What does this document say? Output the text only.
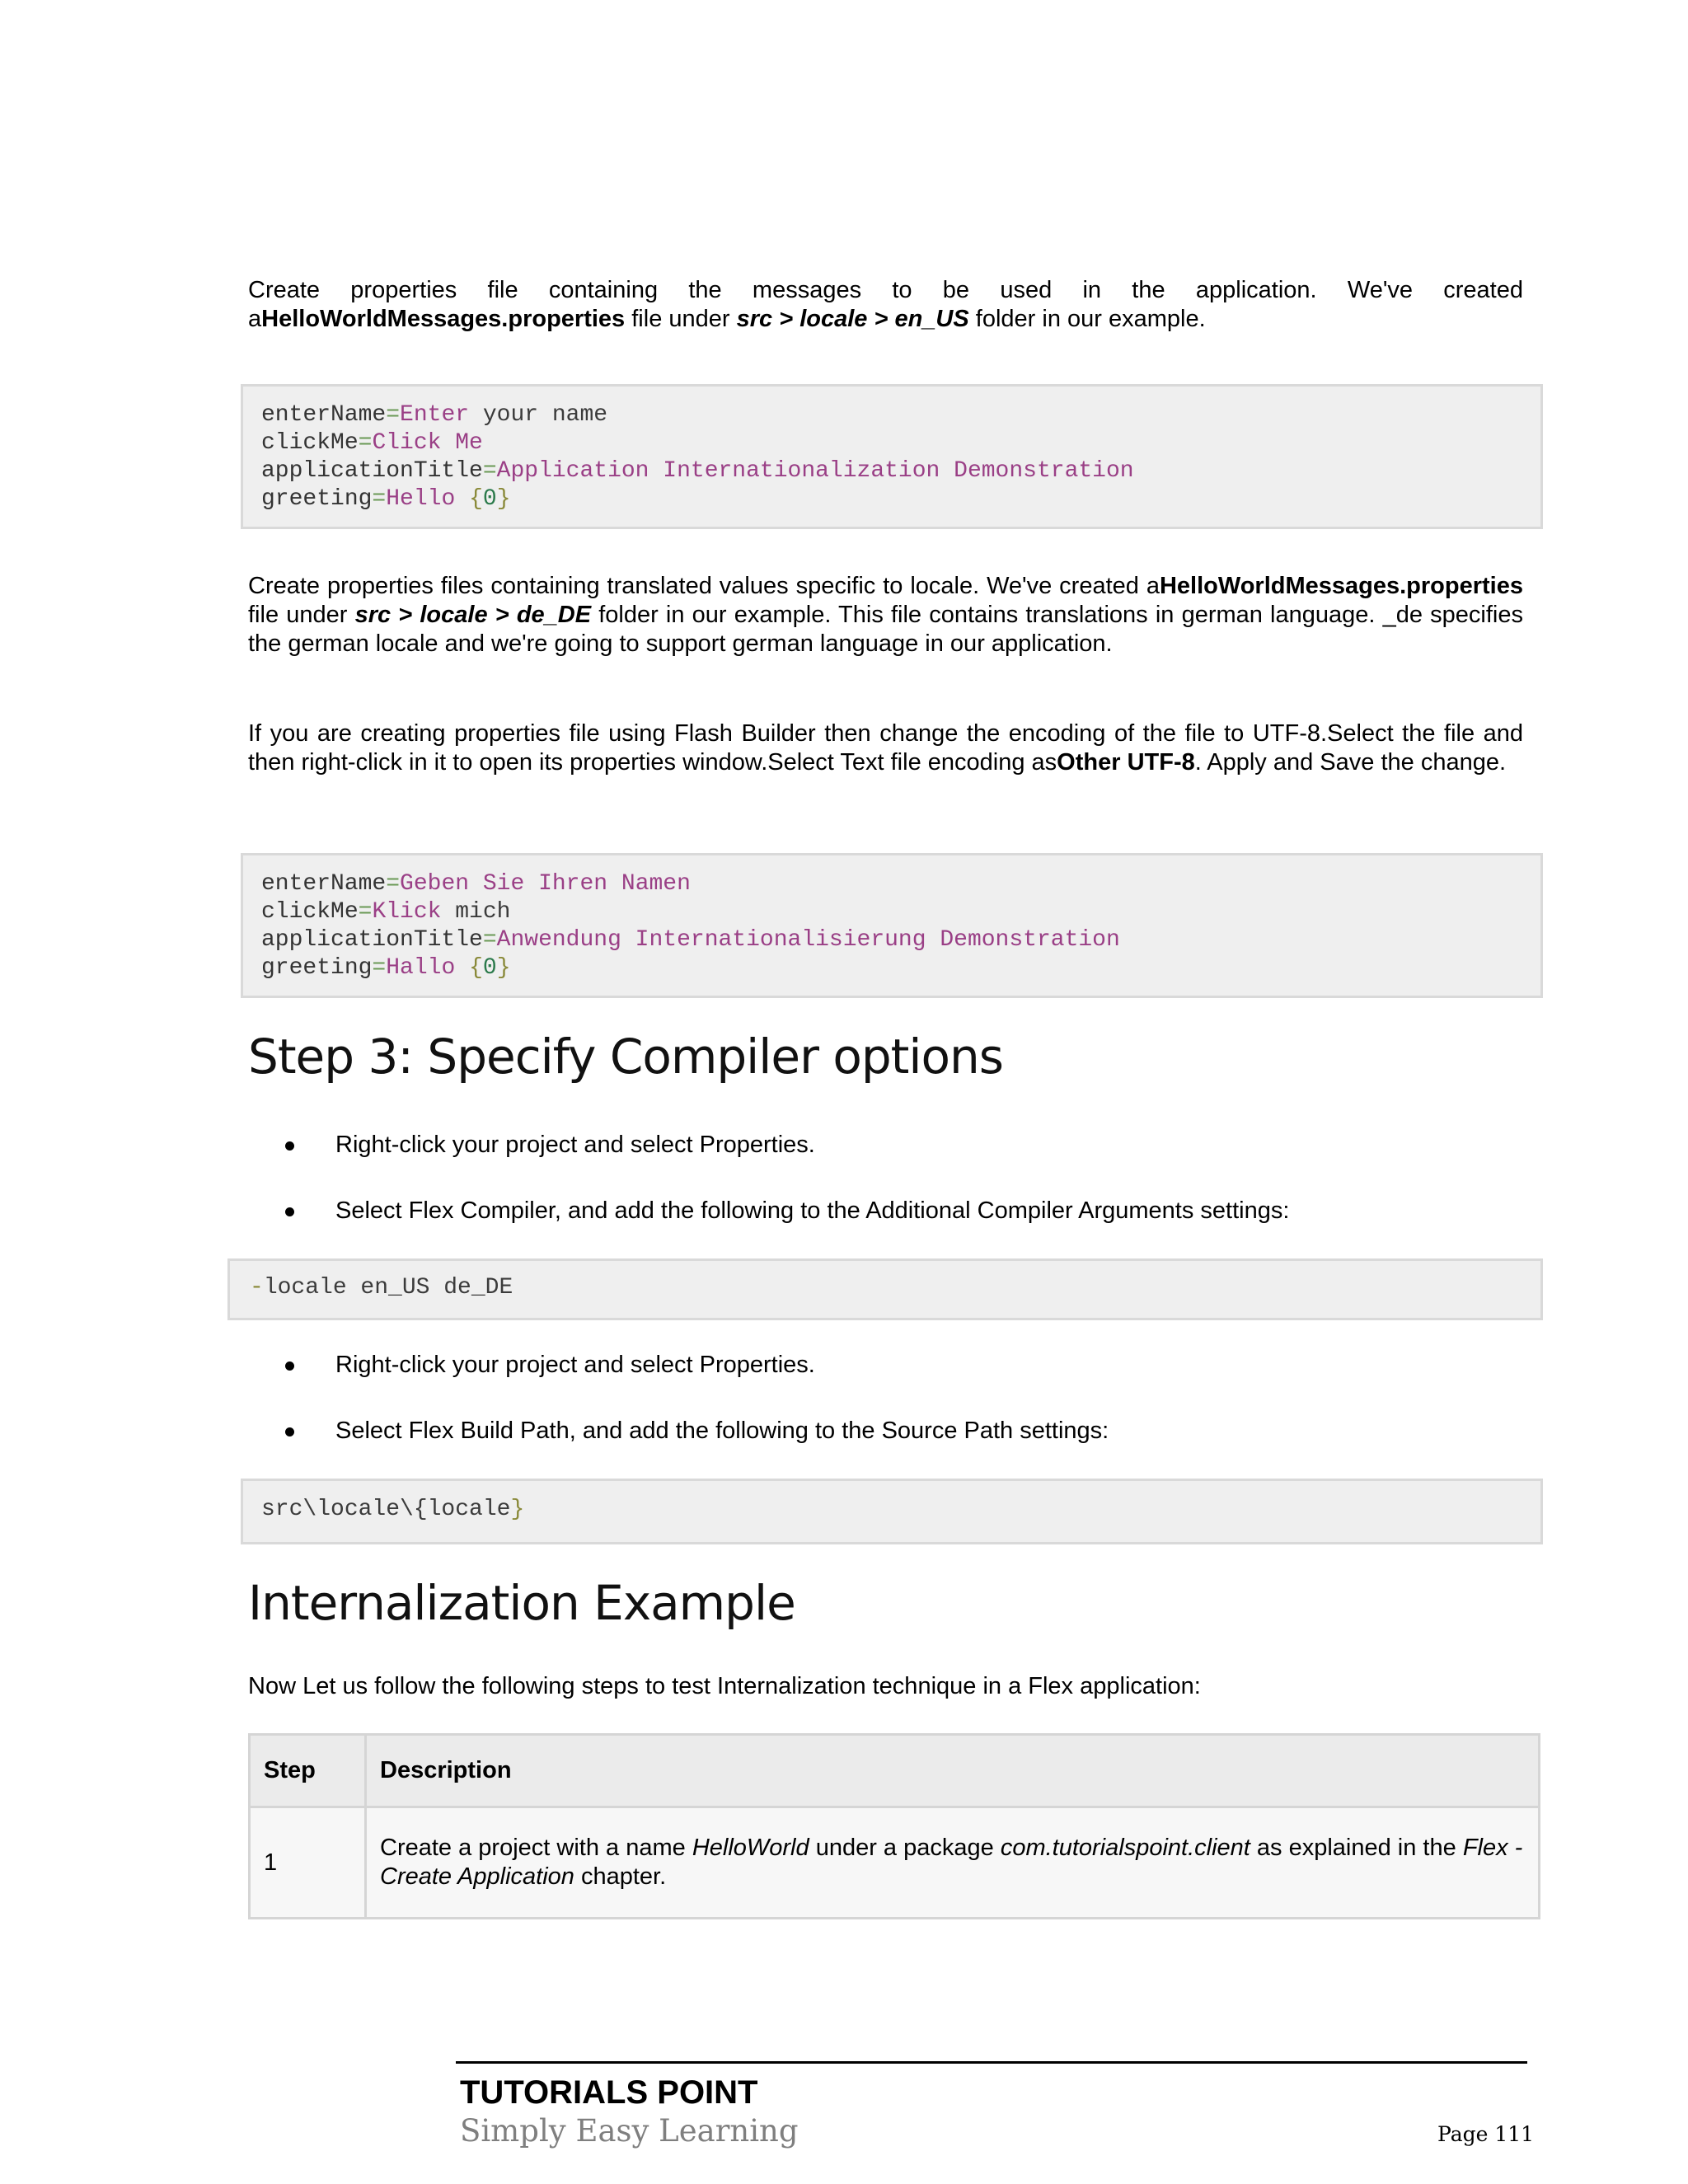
Create properties file containing the messages to be used in the application. We've created aHelloWorldMessages.properties file under src > locale > en_US folder in our example.
enterName=Enter your name
clickMe=Click Me
applicationTitle=Application Internationalization Demonstration
greeting=Hello {0}
Create properties files containing translated values specific to locale. We've created aHelloWorldMessages.properties file under src > locale > de_DE folder in our example. This file contains translations in german language. _de specifies the german locale and we're going to support german language in our application.
If you are creating properties file using Flash Builder then change the encoding of the file to UTF-8.Select the file and then right-click in it to open its properties window.Select Text file encoding asOther UTF-8. Apply and Save the change.
enterName=Geben Sie Ihren Namen
clickMe=Klick mich
applicationTitle=Anwendung Internationalisierung Demonstration
greeting=Hallo {0}
Step 3: Specify Compiler options
Right-click your project and select Properties.
Select Flex Compiler, and add the following to the Additional Compiler Arguments settings:
-locale en_US de_DE
Right-click your project and select Properties.
Select Flex Build Path, and add the following to the Source Path settings:
src\locale\{locale}
Internalization Example
Now Let us follow the following steps to test Internalization technique in a Flex application:
Step	Description
1	Create a project with a name HelloWorld under a package com.tutorialspoint.client as explained in the Flex - Create Application chapter.
TUTORIALS POINT
Simply Easy Learning	Page 111
